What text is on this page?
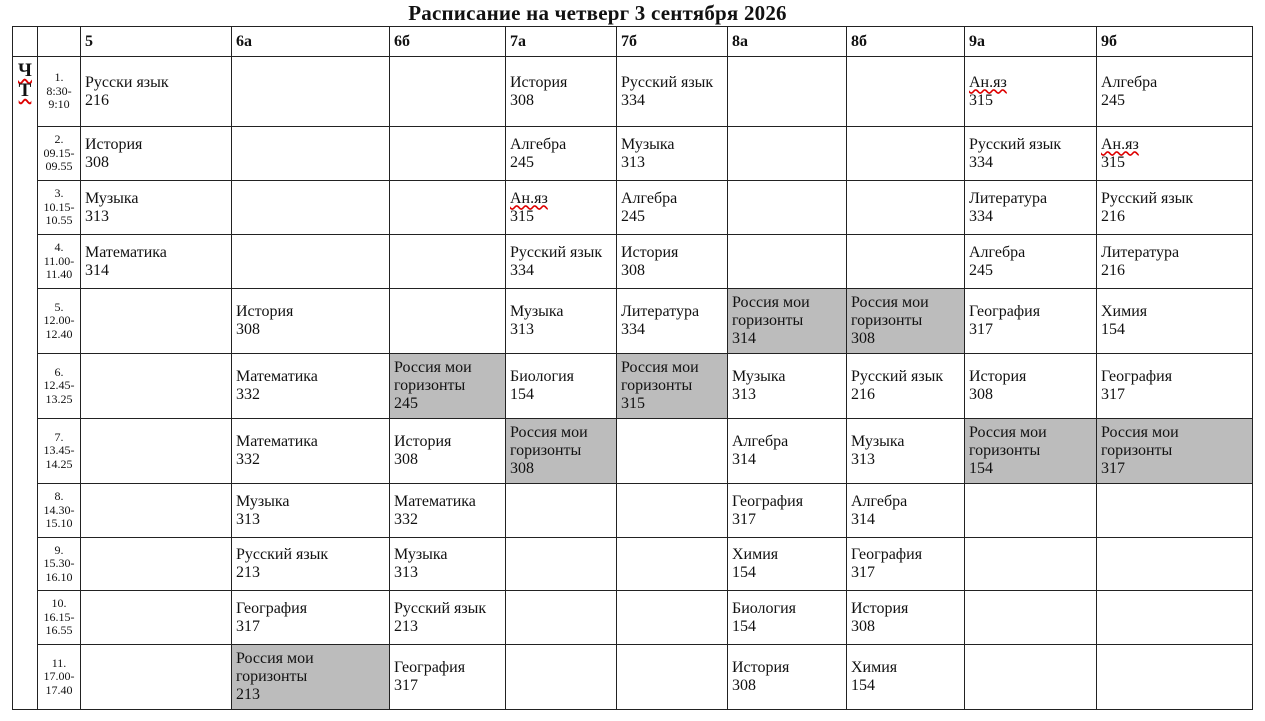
Расписание на четверг 3 сентября 2026
		5	6а	6б	7а	7б	8а	8б	9а	9б

Ч
Т	1.
8:30-
9:10	Русски язык
216			История
308	Русский язык
334			Ан.яз
315	Алгебра
245

	2.
09.15-
09.55	История
308			Алгебра
245	Музыка
313			Русский язык
334	Ан.яз
315

	3.
10.15-
10.55	Музыка
313			Ан.яз
315	Алгебра
245			Литература
334	Русский язык
216

	4.
11.00-
11.40	Математика
314			Русский язык
334	История
308			Алгебра
245	Литература
216

	5.
12.00-
12.40		История
308		Музыка
313	Литература
334	Россия мои
горизонты
314	Россия мои
горизонты
308	География
317	Химия
154

	6.
12.45-
13.25		Математика
332	Россия мои
горизонты
245	Биология
154	Россия мои
горизонты
315	Музыка
313	Русский язык
216	История
308	География
317

	7.
13.45-
14.25		Математика
332	История
308	Россия мои
горизонты
308		Алгебра
314	Музыка
313	Россия мои
горизонты
154	Россия мои
горизонты
317

	8.
14.30-
15.10		Музыка
313	Математика
332			География
317	Алгебра
314		

	9.
15.30-
16.10		Русский язык
213	Музыка
313			Химия
154	География
317		

	10.
16.15-
16.55		География
317	Русский язык
213			Биология
154	История
308		

	11.
17.00-
17.40		Россия мои
горизонты
213	География
317			История
308	Химия
154		
